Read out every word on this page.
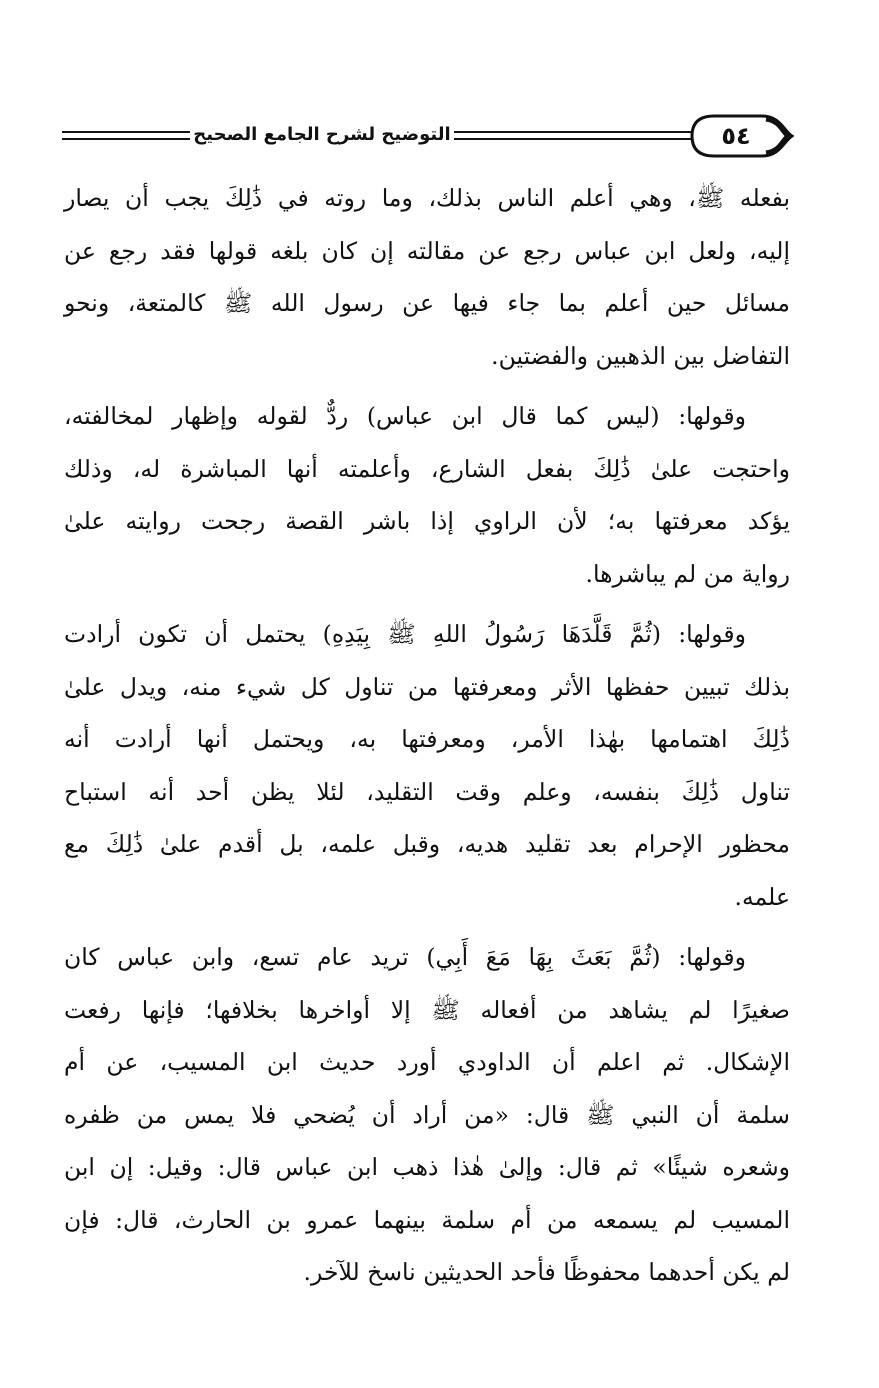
التوضيح لشرح الجامع الصحيح	٥٤

بفعله ﷺ، وهي أعلم الناس بذلك، وما روته في ذَٰلِكَ يجب أن يصار
إليه، ولعل ابن عباس رجع عن مقالته إن كان بلغه قولها فقد رجع عن
مسائل حين أعلم بما جاء فيها عن رسول الله ﷺ كالمتعة، ونحو
التفاضل بين الذهبين والفضتين.

وقولها: (ليس كما قال ابن عباس) ردٌّ لقوله وإظهار لمخالفته،
واحتجت علىٰ ذَٰلِكَ بفعل الشارع، وأعلمته أنها المباشرة له، وذلك
يؤكد معرفتها به؛ لأن الراوي إذا باشر القصة رجحت روايته علىٰ
رواية من لم يباشرها.

وقولها: (ثُمَّ قَلَّدَهَا رَسُولُ اللهِ ﷺ بِيَدِهِ) يحتمل أن تكون أرادت
بذلك تبيين حفظها الأثر ومعرفتها من تناول كل شيء منه، ويدل علىٰ
ذَٰلِكَ اهتمامها بهٰذا الأمر، ومعرفتها به، ويحتمل أنها أرادت أنه
تناول ذَٰلِكَ بنفسه، وعلم وقت التقليد، لئلا يظن أحد أنه استباح
محظور الإحرام بعد تقليد هديه، وقبل علمه، بل أقدم علىٰ ذَٰلِكَ مع
علمه.

وقولها: (ثُمَّ بَعَثَ بِهَا مَعَ أَبِي) تريد عام تسع، وابن عباس كان
صغيرًا لم يشاهد من أفعاله ﷺ إلا أواخرها بخلافها؛ فإنها رفعت
الإشكال. ثم اعلم أن الداودي أورد حديث ابن المسيب، عن أم
سلمة أن النبي ﷺ قال: «من أراد أن يُضحي فلا يمس من ظفره
وشعره شيئًا» ثم قال: وإلىٰ هٰذا ذهب ابن عباس قال: وقيل: إن ابن
المسيب لم يسمعه من أم سلمة بينهما عمرو بن الحارث، قال: فإن
لم يكن أحدهما محفوظًا فأحد الحديثين ناسخ للآخر.
